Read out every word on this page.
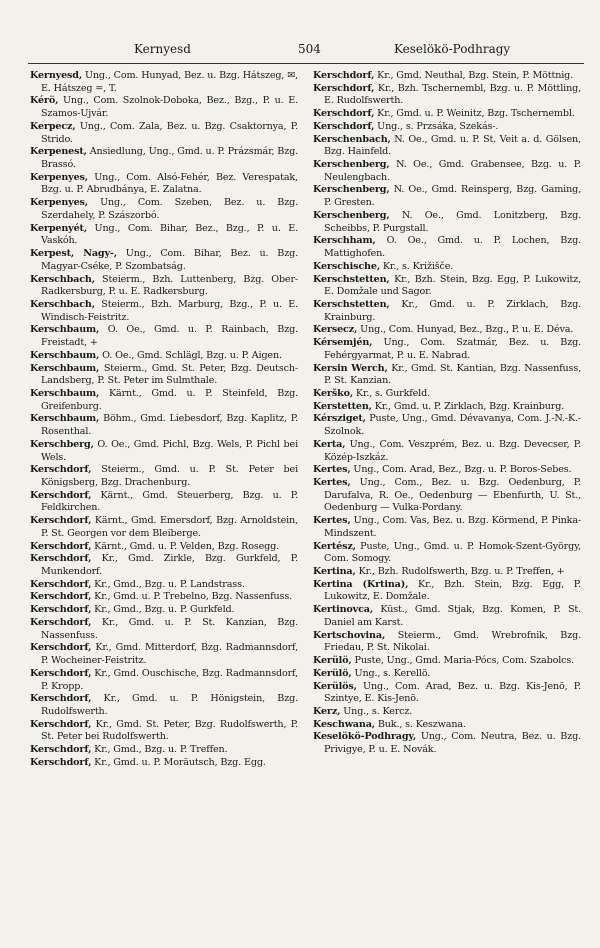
Kernyesd	504	Keselökö-Podhragy
Kernyesd, Ung., Com. Hunyad, Bez. u. Bzg. Hátszeg, ✉, E. Hátszeg =, T.
Kérö, Ung., Com. Szolnok-Doboka, Bez., Bzg., P. u. E. Szamos-Ujvár.
Kerpecz, Ung., Com. Zala, Bez. u. Bzg. Csaktornya, P. Strido.
Kerpenest, Ansiedlung, Ung., Gmd. u. P. Prázsmár, Bzg. Brassó.
Kerpenyes, Ung., Com. Alsó-Fehér, Bez. Verespatak, Bzg. u. P. Abrudbánya, E. Zalatna.
Kerpenyes, Ung., Com. Szeben, Bez. u. Bzg. Szerdahely, P. Szászorbó.
Kerpenyét, Ung., Com. Bihar, Bez., Bzg., P. u. E. Vaskóh.
Kerpest, Nagy-, Ung., Com. Bihar, Bez. u. Bzg. Magyar-Cséke, P. Szombatság.
Kerschbach, Steierm., Bzh. Luttenberg, Bzg. Ober-Radkersburg, P. u. E. Radkersburg.
Kerschbach, Steierm., Bzh. Marburg, Bzg., P. u. E. Windisch-Feistritz.
Kerschbaum, O. Oe., Gmd. u. P. Rainbach, Bzg. Freistadt, +
Kerschbaum, O. Oe., Gmd. Schlägl, Bzg. u. P. Aigen.
Kerschbaum, Steierm., Gmd. St. Peter, Bzg. Deutsch-Landsberg, P. St. Peter im Sulmthale.
Kerschbaum, Kärnt., Gmd. u. P. Steinfeld, Bzg. Greifenburg.
Kerschbaum, Böhm., Gmd. Liebesdorf, Bzg. Kaplitz, P. Rosenthal.
Kerschberg, O. Oe., Gmd. Pichl, Bzg. Wels, P. Pichl bei Wels.
Kerschdorf, Steierm., Gmd. u. P. St. Peter bei Königsberg, Bzg. Drachenburg.
Kerschdorf, Kärnt., Gmd. Steuerberg, Bzg. u. P. Feldkirchen.
Kerschdorf, Kärnt., Gmd. Emersdorf, Bzg. Arnoldstein, P. St. Georgen vor dem Bleiberge.
Kerschdorf, Kärnt., Gmd. u. P. Velden, Bzg. Rosegg.
Kerschdorf, Kr., Gmd. Zirkle, Bzg. Gurkfeld, P. Munkendorf.
Kerschdorf, Kr., Gmd., Bzg. u. P. Landstrass.
Kerschdorf, Kr., Gmd. u. P. Trebelno, Bzg. Nassenfuss.
Kerschdorf, Kr., Gmd., Bzg. u. P. Gurkfeld.
Kerschdorf, Kr., Gmd. u. P. St. Kanzian, Bzg. Nassenfuss.
Kerschdorf, Kr., Gmd. Mitterdorf, Bzg. Radmannsdorf, P. Wocheiner-Feistritz.
Kerschdorf, Kr., Gmd. Ouschische, Bzg. Radmannsdorf, P. Kropp.
Kerschdorf, Kr., Gmd. u. P. Hönigstein, Bzg. Rudolfswerth.
Kerschdorf, Kr., Gmd. St. Peter, Bzg. Rudolfswerth, P. St. Peter bei Rudolfswerth.
Kerschdorf, Kr., Gmd., Bzg. u. P. Treffen.
Kerschdorf, Kr., Gmd. u. P. Moräutsch, Bzg. Egg.
Kerschdorf, Kr., Gmd. Neuthal, Bzg. Stein, P. Möttnig.
Kerschdorf, Kr., Bzh. Tschernembl, Bzg. u. P. Möttling, E. Rudolfswerth.
Kerschdorf, Kr., Gmd. u. P. Weinitz, Bzg. Tschernembl.
Kerschdorf, Ung., s. Przsáka, Szekás-.
Kerschenbach, N. Oe., Gmd. u. P. St. Veit a. d. Gölsen, Bzg. Hainfeld.
Kerschenberg, N. Oe., Gmd. Grabensee, Bzg. u. P. Neulengbach.
Kerschenberg, N. Oe., Gmd. Reinsperg, Bzg. Gaming, P. Gresten.
Kerschenberg, N. Oe., Gmd. Lonitzberg, Bzg. Scheibbs, P. Purgstall.
Kerschham, O. Oe., Gmd. u. P. Lochen, Bzg. Mattighofen.
Kerschische, Kr., s. Križišče.
Kerschstetten, Kr., Bzh. Stein, Bzg. Egg, P. Lukowitz, E. Domžale und Sagor.
Kerschstetten, Kr., Gmd. u. P. Zirklach, Bzg. Krainburg.
Kersecz, Ung., Com. Hunyad, Bez., Bzg., P. u. E. Déva.
Kérsemjén, Ung., Com. Szatmár, Bez. u. Bzg. Fehérgyarmat, P. u. E. Nabrad.
Kersin Werch, Kr., Gmd. St. Kantian, Bzg. Nassenfuss, P. St. Kanzian.
Kerško, Kr., s. Gurkfeld.
Kerstetten, Kr., Gmd. u. P. Zirklach, Bzg. Krainburg.
Kérsziget, Puste, Ung., Gmd. Dévavanya, Com. J.-N.-K.-Szolnok.
Kerta, Ung., Com. Veszprém, Bez. u. Bzg. Devecser, P. Közép-Iszkáz.
Kertes, Ung., Com. Arad, Bez., Bzg. u. P. Boros-Sebes.
Kertes, Ung., Com., Bez. u. Bzg. Oedenburg, P. Darufalva, R. Oe., Oedenburg — Ebenfurth, U. St., Oedenburg — Vulka-Pordany.
Kertes, Ung., Com. Vas, Bez. u. Bzg. Körmend, P. Pinka-Mindszent.
Kertész, Puste, Ung., Gmd. u. P. Homok-Szent-György, Com. Somogy.
Kertina, Kr., Bzh. Rudolfswerth, Bzg. u. P. Treffen, +
Kertina (Krtina), Kr., Bzh. Stein, Bzg. Egg, P. Lukowitz, E. Domžale.
Kertinovca, Küst., Gmd. Stjak, Bzg. Komen, P. St. Daniel am Karst.
Kertschovina, Steierm., Gmd. Wrebrofnik, Bzg. Friedau, P. St. Nikolai.
Kerülö, Puste, Ung., Gmd. Maria-Pócs, Com. Szabolcs.
Kerülö, Ung., s. Kerellö.
Kerülös, Ung., Com. Arad, Bez. u. Bzg. Kis-Jenö, P. Szintye, E. Kis-Jenö.
Kerz, Ung., s. Kercz.
Keschwana, Buk., s. Keszwana.
Keselökö-Podhragy, Ung., Com. Neutra, Bez. u. Bzg. Privigye, P. u. E. Novák.
